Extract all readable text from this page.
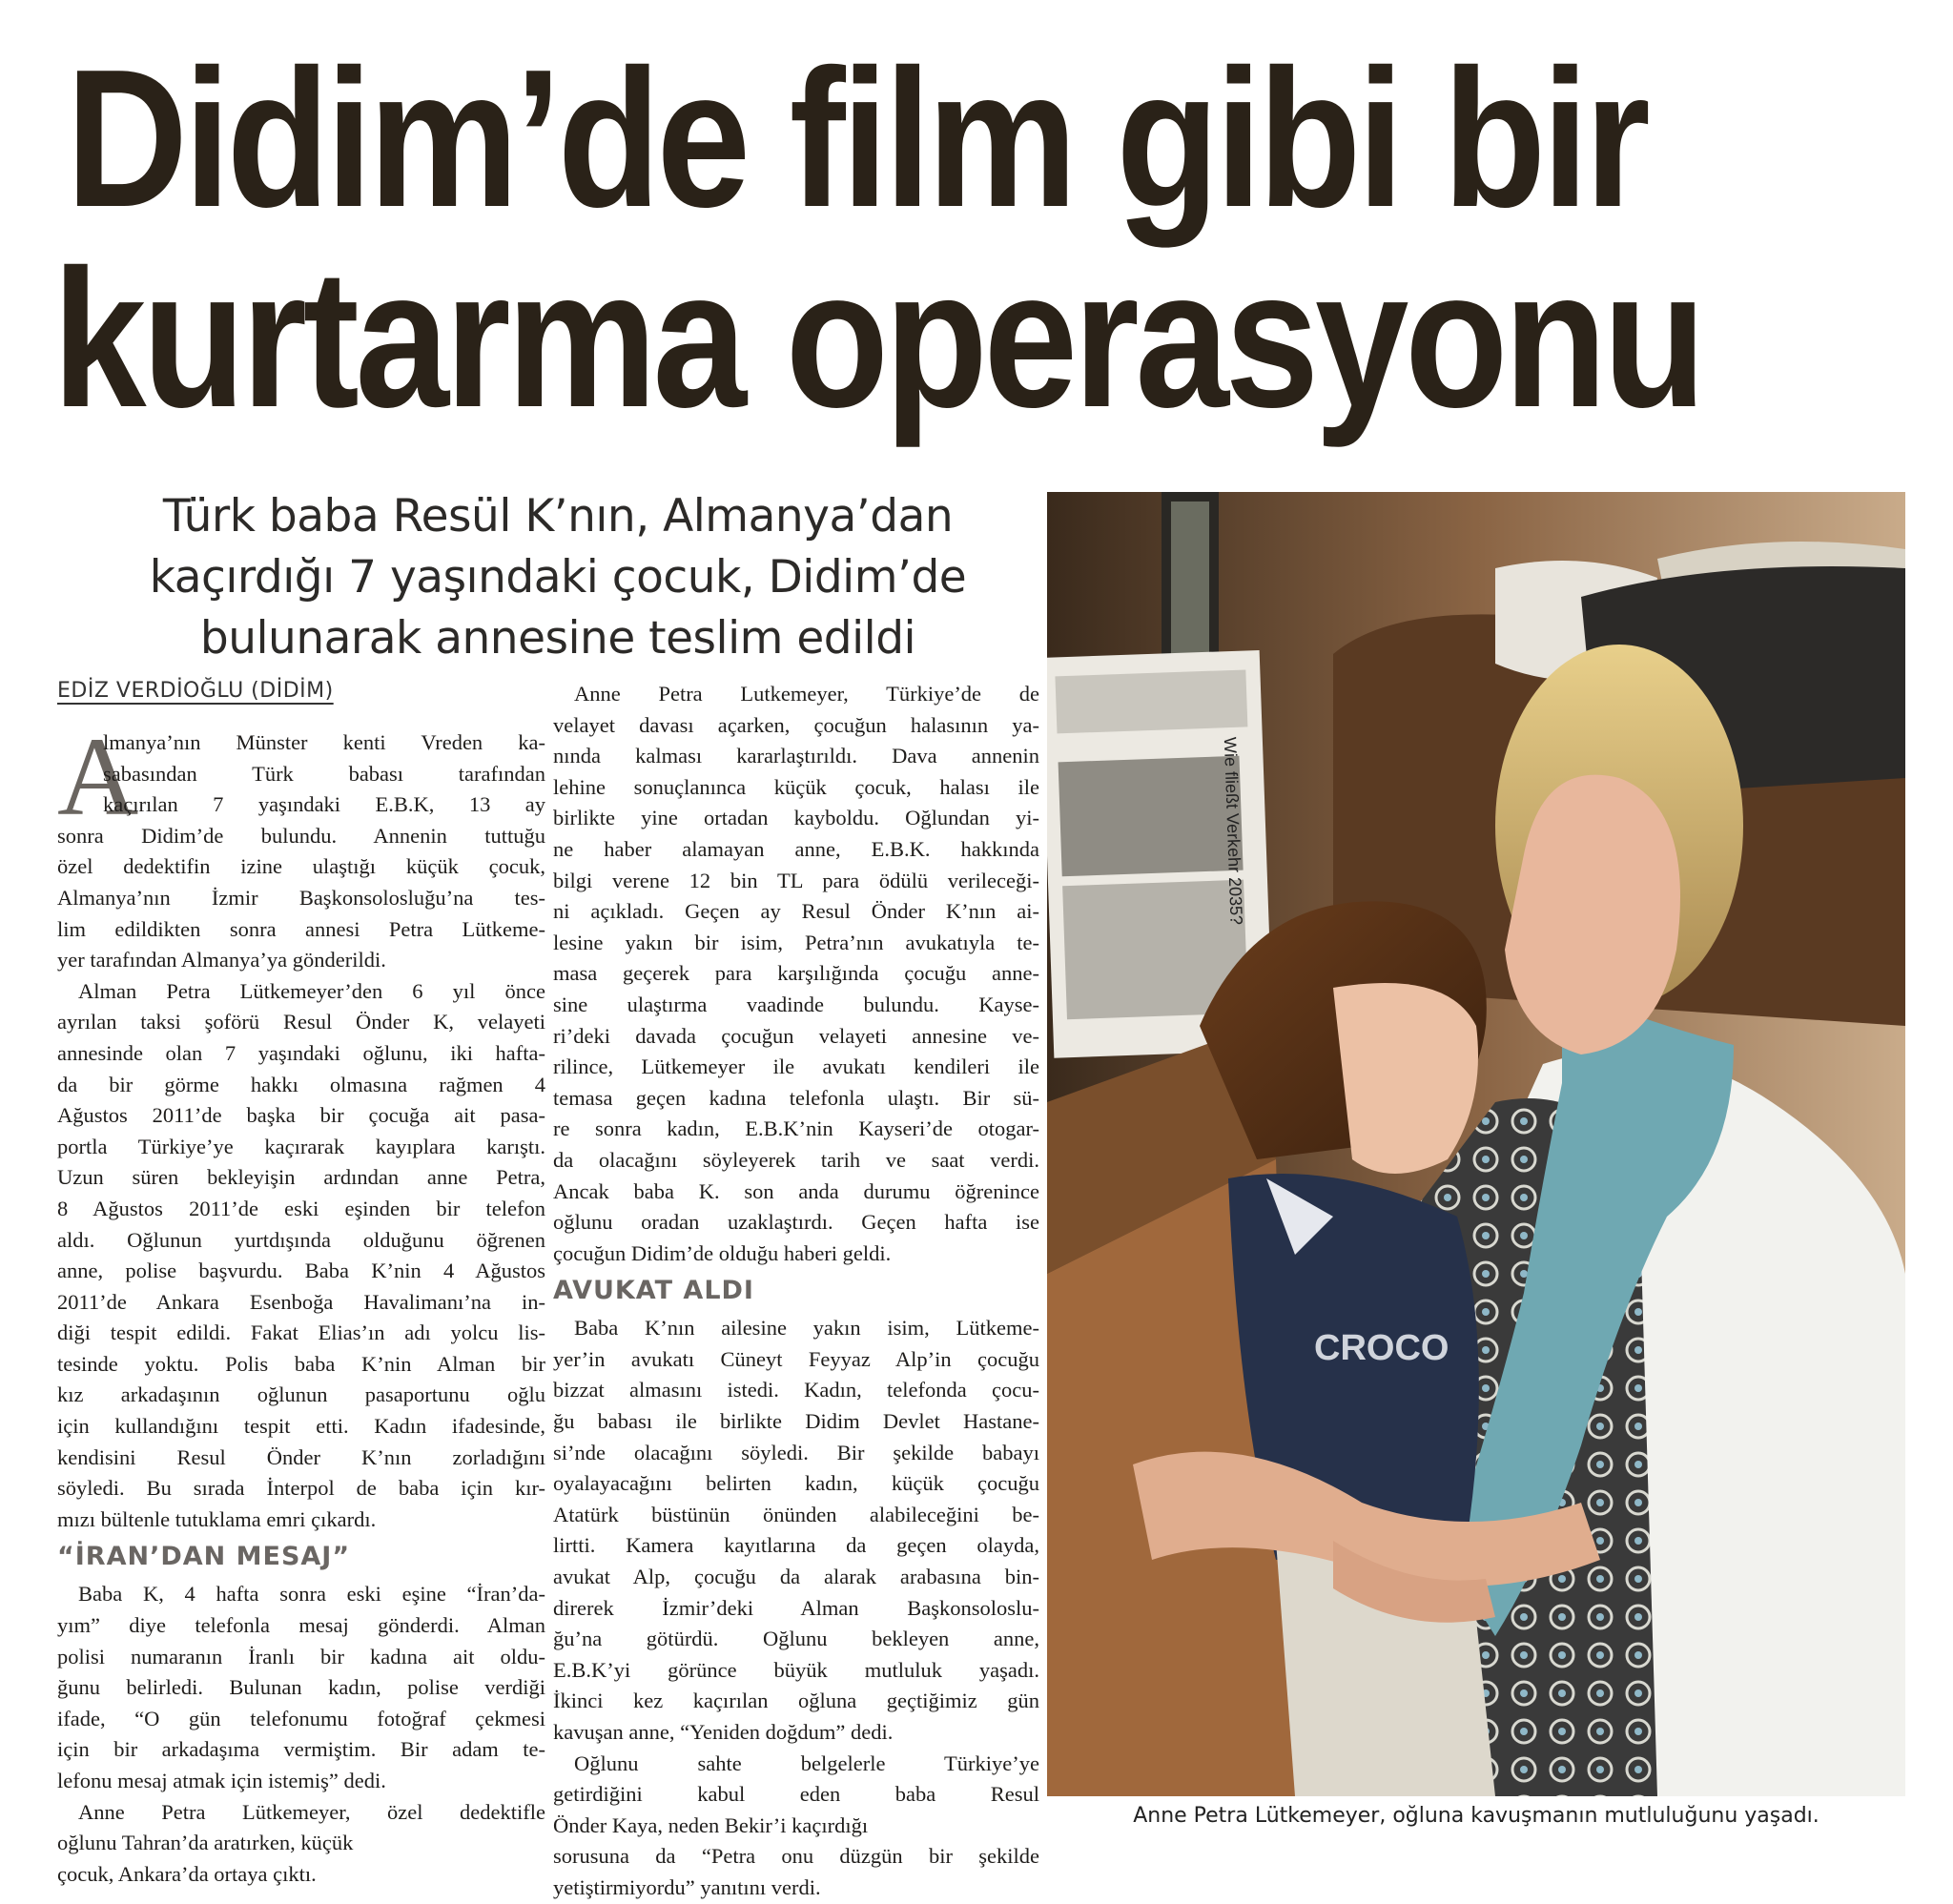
Didim’de film gibi bir
kurtarma operasyonu
Türk baba Resül K’nın, Almanya’dan
kaçırdığı 7 yaşındaki çocuk, Didim’de
bulunarak annesine teslim edildi
EDİZ VERDİOĞLU (DİDİM)
A
lmanya’nın Münster kenti Vreden ka-
sabasından Türk babası tarafından
kaçırılan 7 yaşındaki E.B.K, 13 ay
sonra Didim’de bulundu. Annenin tuttuğu
özel dedektifin izine ulaştığı küçük çocuk,
Almanya’nın İzmir Başkonsolosluğu’na tes-
lim edildikten sonra annesi Petra Lütkeme-
yer tarafından Almanya’ya gönderildi.
Alman Petra Lütkemeyer’den 6 yıl önce
ayrılan taksi şoförü Resul Önder K, velayeti
annesinde olan 7 yaşındaki oğlunu, iki hafta-
da bir görme hakkı olmasına rağmen 4
Ağustos 2011’de başka bir çocuğa ait pasa-
portla Türkiye’ye kaçırarak kayıplara karıştı.
Uzun süren bekleyişin ardından anne Petra,
8 Ağustos 2011’de eski eşinden bir telefon
aldı. Oğlunun yurtdışında olduğunu öğrenen
anne, polise başvurdu. Baba K’nin 4 Ağustos
2011’de Ankara Esenboğa Havalimanı’na in-
diği tespit edildi. Fakat Elias’ın adı yolcu lis-
tesinde yoktu. Polis baba K’nin Alman bir
kız arkadaşının oğlunun pasaportunu oğlu
için kullandığını tespit etti. Kadın ifadesinde,
kendisini Resul Önder K’nın zorladığını
söyledi. Bu sırada İnterpol de baba için kır-
mızı bültenle tutuklama emri çıkardı.
“İRAN’DAN MESAJ”
Baba K, 4 hafta sonra eski eşine “İran’da-
yım” diye telefonla mesaj gönderdi. Alman
polisi numaranın İranlı bir kadına ait oldu-
ğunu belirledi. Bulunan kadın, polise verdiği
ifade, “O gün telefonumu fotoğraf çekmesi
için bir arkadaşıma vermiştim. Bir adam te-
lefonu mesaj atmak için istemiş” dedi.
Anne Petra Lütkemeyer, özel dedektifle
oğlunu Tahran’da aratırken, küçük
çocuk, Ankara’da ortaya çıktı.
Anne Petra Lutkemeyer, Türkiye’de de
velayet davası açarken, çocuğun halasının ya-
nında kalması kararlaştırıldı. Dava annenin
lehine sonuçlanınca küçük çocuk, halası ile
birlikte yine ortadan kayboldu. Oğlundan yi-
ne haber alamayan anne, E.B.K. hakkında
bilgi verene 12 bin TL para ödülü verileceği-
ni açıkladı. Geçen ay Resul Önder K’nın ai-
lesine yakın bir isim, Petra’nın avukatıyla te-
masa geçerek para karşılığında çocuğu anne-
sine ulaştırma vaadinde bulundu. Kayse-
ri’deki davada çocuğun velayeti annesine ve-
rilince, Lütkemeyer ile avukatı kendileri ile
temasa geçen kadına telefonla ulaştı. Bir sü-
re sonra kadın, E.B.K’nin Kayseri’de otogar-
da olacağını söyleyerek tarih ve saat verdi.
Ancak baba K. son anda durumu öğrenince
oğlunu oradan uzaklaştırdı. Geçen hafta ise
çocuğun Didim’de olduğu haberi geldi.
AVUKAT ALDI
Baba K’nın ailesine yakın isim, Lütkeme-
yer’in avukatı Cüneyt Feyyaz Alp’in çocuğu
bizzat almasını istedi. Kadın, telefonda çocu-
ğu babası ile birlikte Didim Devlet Hastane-
si’nde olacağını söyledi. Bir şekilde babayı
oyalayacağını belirten kadın, küçük çocuğu
Atatürk büstünün önünden alabileceğini be-
lirtti. Kamera kayıtlarına da geçen olayda,
avukat Alp, çocuğu da alarak arabasına bin-
direrek İzmir’deki Alman Başkonsoloslu-
ğu’na götürdü. Oğlunu bekleyen anne,
E.B.K’yi görünce büyük mutluluk yaşadı.
İkinci kez kaçırılan oğluna geçtiğimiz gün
kavuşan anne, “Yeniden doğdum” dedi.
Oğlunu sahte belgelerle Türkiye’ye
getirdiğini kabul eden baba Resul
Önder Kaya, neden Bekir’i kaçırdığı
sorusuna da “Petra onu düzgün bir şekilde
yetiştirmiyordu” yanıtını verdi.
Wie fließt Verkehr 2035?
CROCO
Anne Petra Lütkemeyer, oğluna kavuşmanın mutluluğunu yaşadı.
